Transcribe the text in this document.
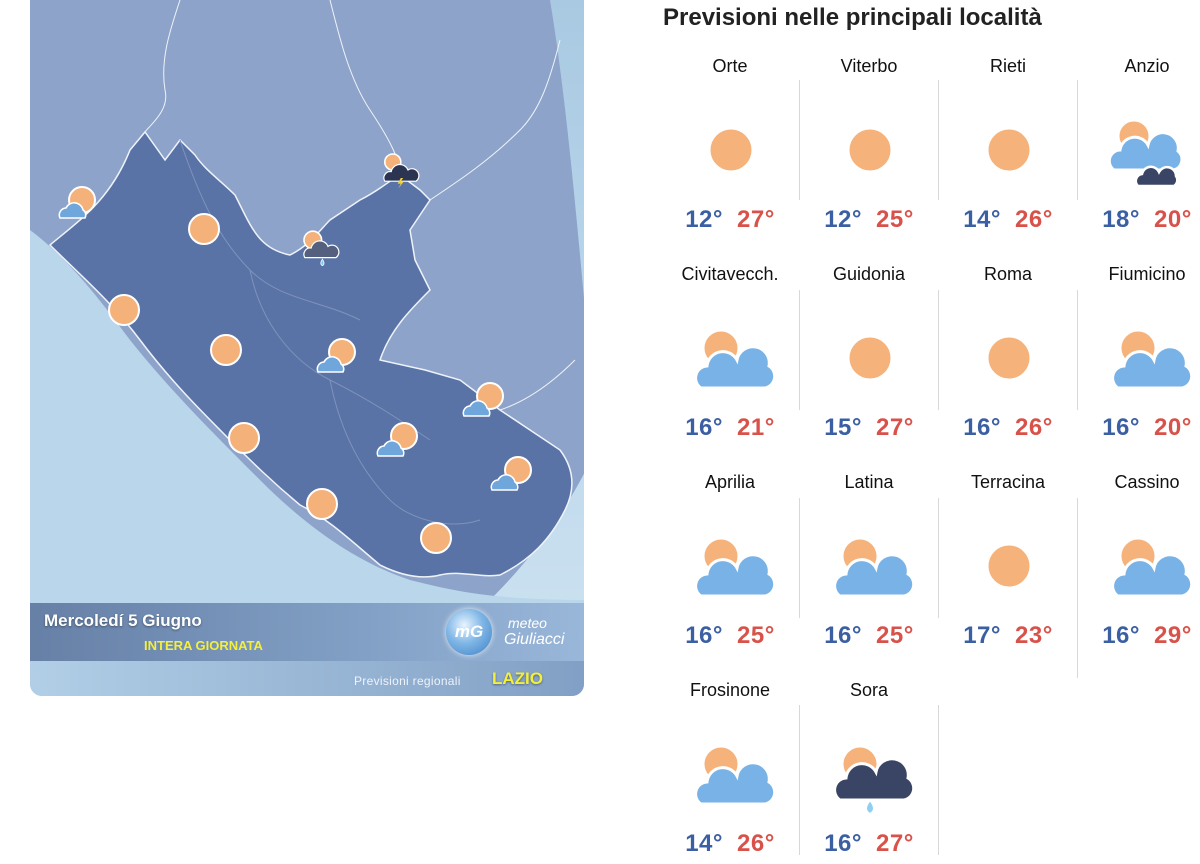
Mercoledí 5 Giugno
INTERA GIORNATA
mG	meteo
Giuliacci
Previsioni regionali LAZIO
Previsioni nelle principali località
Orte
12° 27°
Viterbo
12° 25°
Rieti
14° 26°
Anzio
18° 20°
Civitavecch.
16° 21°
Guidonia
15° 27°
Roma
16° 26°
Fiumicino
16° 20°
Aprilia
16° 25°
Latina
16° 25°
Terracina
17° 23°
Cassino
16° 29°
Frosinone
14° 26°
Sora
16° 27°
